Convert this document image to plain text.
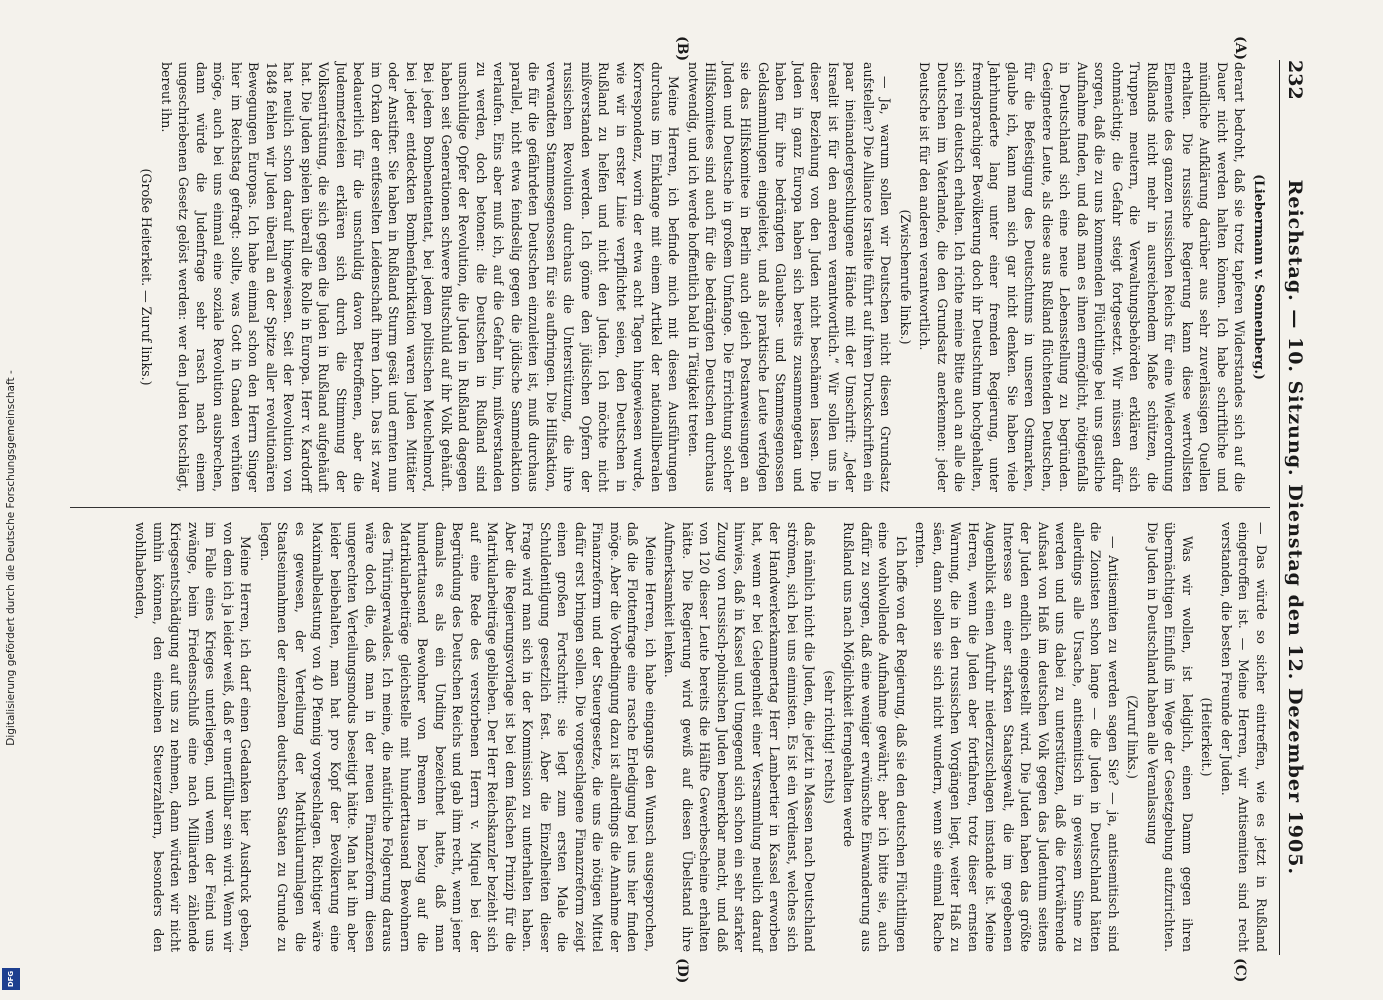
232
Reichstag. — 10. Sitzung. Dienstag den 12. Dezember 1905.
(A)
(B)
(C)
(D)

(Liebermann v. Sonnenberg.)

derart bedroht, daß sie trotz tapferen Widerstandes sich auf die Dauer nicht werden halten können. Ich habe schriftliche und mündliche Aufklärung darüber aus sehr zuverlässigen Quellen erhalten. Die russische Regierung kann diese wertvollsten Elemente des ganzen russischen Reichs für eine Wiederordnung Rußlands nicht mehr in ausreichendem Maße schützen, die Truppen meutern, die Verwaltungsbehörden erklären sich ohnmächtig; die Gefahr steigt fortgesetzt. Wir müssen dafür sorgen, daß die zu uns kommenden Flüchtlinge bei uns gastliche Aufnahme finden, und daß man es ihnen ermöglicht, nötigenfalls in Deutschland sich eine neue Lebensstellung zu begründen. Geeignetere Leute, als diese aus Rußland flüchtenden Deutschen, für die Befestigung des Deutschtums in unseren Ostmarken, glaube ich, kann man sich gar nicht denken. Sie haben viele Jahrhunderte lang unter einer fremden Regierung, unter fremdsprachiger Bevölkerung doch ihr Deutschtum hochgehalten, sich rein deutsch erhalten. Ich richte meine Bitte auch an alle die Deutschen im Vaterlande, die den Grundsatz anerkennen: jeder Deutsche ist für den anderen verantwortlich.

(Zwischenrufe links.)

— Ja, warum sollen wir Deutschen nicht diesen Grundsatz aufstellen? Die Alliance Israelite führt auf ihren Druckschriften ein paar ineinandergeschlungene Hände mit der Umschrift: „Jeder Israelit ist für den anderen verantwortlich.“ Wir sollen uns in dieser Beziehung von den Juden nicht beschämen lassen. Die Juden in ganz Europa haben sich bereits zusammengetan und haben für ihre bedrängten Glaubens- und Stammesgenossen Geldsammlungen eingeleitet, und als praktische Leute verfolgen sie das Hilfskomitee in Berlin auch gleich Postanweisungen an Juden und Deutsche in großem Umfange. Die Errichtung solcher Hilfskomitees sind auch für die bedrängten Deutschen durchaus notwendig, und ich werde hoffentlich bald in Tätigkeit treten.

Meine Herren, ich befinde mich mit diesen Ausführungen durchaus im Einklange mit einem Artikel der nationalliberalen Korrespondenz, worin der etwa acht Tagen hingewiesen wurde, wie wir in erster Linie verpflichtet seien, den Deutschen in Rußland zu helfen und nicht den Juden. Ich möchte nicht mißverstanden werden. Ich gönne den jüdischen Opfern der russischen Revolution durchaus die Unterstützung, die ihre verwandten Stammesgenossen für sie aufbringen. Die Hilfsaktion, die für die gefährdeten Deutschen einzuleiten ist, muß durchaus parallel, nicht etwa feindselig gegen die jüdische Sammelaktion verlaufen. Eins aber muß ich, auf die Gefahr hin, mißverstanden zu werden, doch betonen: die Deutschen in Rußland sind unschuldige Opfer der Revolution, die Juden in Rußland dagegen haben seit Generationen schwere Blutschuld auf ihr Volk gehäuft. Bei jedem Bombenattentat, bei jedem politischen Meuchelmord, bei jeder entdeckten Bombenfabrikation waren Juden Mittäter oder Anstifter. Sie haben in Rußland Sturm gesät und ernten nun im Orkan der entfesselten Leidenschaft ihren Lohn. Das ist zwar bedauerlich für die unschuldig davon Betroffenen, aber die Judenmetzeleien erklären sich durch die Stimmung der Volksentrüstung, die sich gegen die Juden in Rußland aufgehäuft hat. Die Juden spielen überall die Rolle in Europa. Herr v. Kardorff hat neulich schon darauf hingewiesen. Seit der Revolution von 1848 fehlen wir Juden überall an der Spitze aller revolutionären Bewegungen Europas. Ich habe einmal schon den Herrn Singer hier im Reichstag gefragt: sollte, was Gott in Gnaden verhüten möge, auch bei uns einmal eine soziale Revolution ausbrechen, dann würde die Judenfrage sehr rasch nach einem ungeschriebenen Gesetz gelöst werden: wer den Juden totschlägt, bereut ihn.

(Große Heiterkeit. — Zuruf links.)

— Das würde so sicher eintreffen, wie es jetzt in Rußland eingetroffen ist. — Meine Herren, wir Antisemiten sind recht verstanden, die besten Freunde der Juden.

(Heiterkeit.)

Was wir wollen, ist lediglich, einen Damm gegen ihren übermächtigen Einfluß im Wege der Gesetzgebung aufzurichten. Die Juden in Deutschland haben alle Veranlassung

(Zuruf links.)

— Antisemiten zu werden sagen Sie? — ja, antisemitisch sind die Zionisten schon lange — die Juden in Deutschland hätten allerdings alle Ursache, antisemitisch in gewissem Sinne zu werden und uns dabei zu unterstützen, daß die fortwährende Aufsaat von Haß im deutschen Volk gegen das Judentum seitens der Juden endlich eingestellt wird. Die Juden haben das größte Interesse an einer starken Staatsgewalt, die im gegebenen Augenblick einen Aufruhr niederzuschlagen imstande ist. Meine Herren, wenn die Juden aber fortfahren, trotz dieser ernsten Warnung, die in den russischen Vorgängen liegt, weiter Haß zu säen, dann sollen sie sich nicht wundern, wenn sie einmal Rache ernten.

Ich hoffe von der Regierung, daß sie den deutschen Flüchtlingen eine wohlwollende Aufnahme gewährt; aber ich bitte sie, auch dafür zu sorgen, daß eine weniger erwünschte Einwanderung aus Rußland uns nach Möglichkeit ferngehalten werde

(sehr richtig! rechts)

daß nämlich nicht die Juden, die jetzt in Massen nach Deutschland strömen, sich bei uns einnisten. Es ist ein Verdienst, welches sich der Handwerkerkammertag Herr Lambertier in Kassel erworben hat, wenn er bei Gelegenheit einer Versammlung neulich darauf hinwies, daß in Kassel und Umgegend sich schon ein sehr starker Zuzug von russisch-polnischen Juden bemerkbar macht, und daß von 120 dieser Leute bereits die Hälfte Gewerbescheine erhalten hätte. Die Regierung wird gewiß auf diesen Übelstand ihre Aufmerksamkeit lenken.

Meine Herren, ich habe eingangs den Wunsch ausgesprochen, daß die Flottenfrage eine rasche Erledigung bei uns hier finden möge. Aber die Vorbedingung dazu ist allerdings die Annahme der Finanzreform und der Steuergesetze, die uns die nötigen Mittel dafür erst bringen sollen. Die vorgeschlagene Finanzreform zeigt einen großen Fortschritt: sie legt zum ersten Male die Schuldentilgung gesetzlich fest. Aber die Einzelheiten dieser Frage wird man sich in der Kommission zu unterhalten haben. Aber die Regierungsvorlage ist bei dem falschen Prinzip für die Matrikularbeiträge geblieben. Der Herr Reichskanzler bezieht sich auf eine Rede des verstorbenen Herrn v. Miquel bei der Begründung des Deutschen Reichs und gab ihm recht, wenn jener damals es als ein Unding bezeichnet hatte, daß man hunderttausend Bewohner von Bremen in bezug auf die Matrikularbeiträge gleichstelle mit hunderttausend Bewohnern des Thüringerwaldes. Ich meine, die natürliche Folgerung daraus wäre doch die, daß man in der neuen Finanzreform diesen ungerechten Verteilungsmodus beseitigt hätte. Man hat ihn aber leider beibehalten, man hat pro Kopf der Bevölkerung eine Maximalbelastung von 40 Pfennig vorgeschlagen. Richtiger wäre es gewesen, der Verteilung der Matrikularumlagen die Staatseinnahmen der einzelnen deutschen Staaten zu Grunde zu legen.

Meine Herren, ich darf einen Gedanken hier Ausdruck geben, von dem ich ja leider weiß, daß er unerfüllbar sein wird. Wenn wir im Falle eines Krieges unterliegen, und wenn der Feind uns zwänge, beim Friedensschluß eine nach Milliarden zählende Kriegsentschädigung auf uns zu nehmen, dann würden wir nicht umhin können, den einzelnen Steuerzahlern, besonders den wohlhabenden,

Digitalisierung gefördert durch die Deutsche Forschungsgemeinschaft -
DFG
